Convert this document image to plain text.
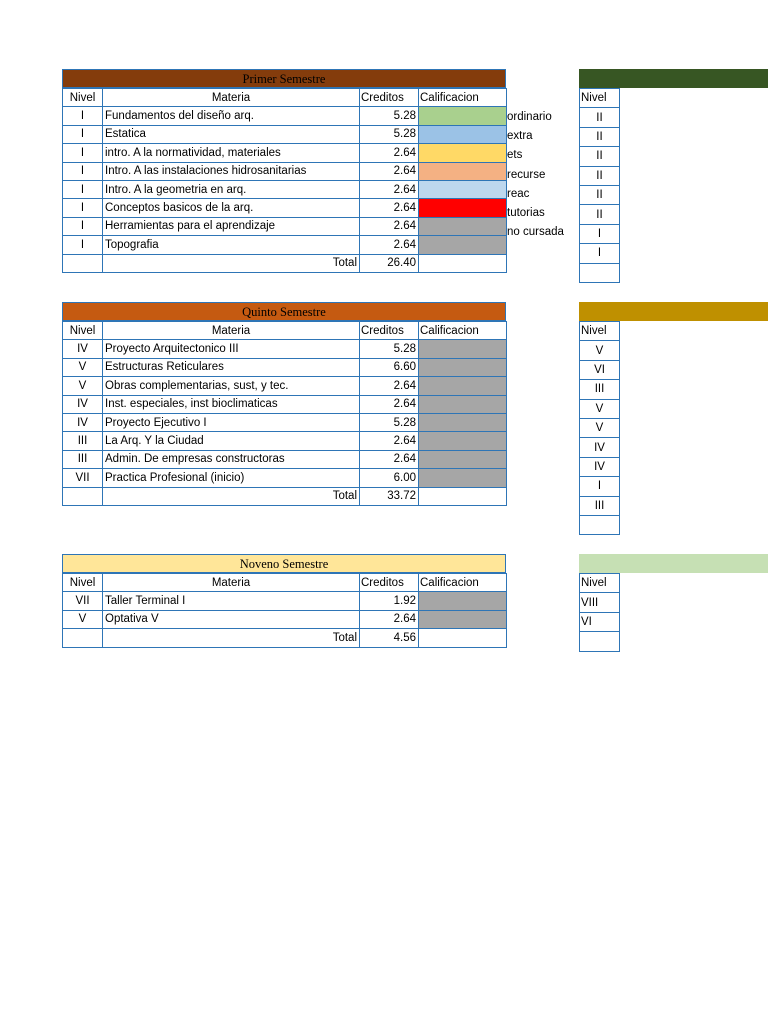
Primer Semestre
Nivel	Materia	Creditos	Calificacion
I	Fundamentos del diseño arq.	5.28	
I	Estatica	5.28	
I	intro. A la normatividad, materiales	2.64	
I	Intro. A las instalaciones hidrosanitarias	2.64	
I	Intro. A la geometria en arq.	2.64	
I	Conceptos basicos de la arq.	2.64	
I	Herramientas para el aprendizaje	2.64	
I	Topografia	2.64	
	Total	26.40	
ordinario
extra
ets
recurse
reac
tutorias
no cursada
Quinto Semestre
Nivel	Materia	Creditos	Calificacion
IV	Proyecto Arquitectonico III	5.28	
V	Estructuras Reticulares	6.60	
V	Obras complementarias, sust, y tec.	2.64	
IV	Inst. especiales, inst bioclimaticas	2.64	
IV	Proyecto Ejecutivo I	5.28	
III	La Arq. Y la Ciudad	2.64	
III	Admin. De empresas constructoras	2.64	
VII	Practica Profesional (inicio)	6.00	
	Total	33.72	
Noveno Semestre
Nivel	Materia	Creditos	Calificacion
VII	Taller Terminal I	1.92	
V	Optativa V	2.64	
	Total	4.56	
Nivel
II
II
II
II
II
II
I
I

Nivel
V
VI
III
V
V
IV
IV
I
III

Nivel
VIII
VI
